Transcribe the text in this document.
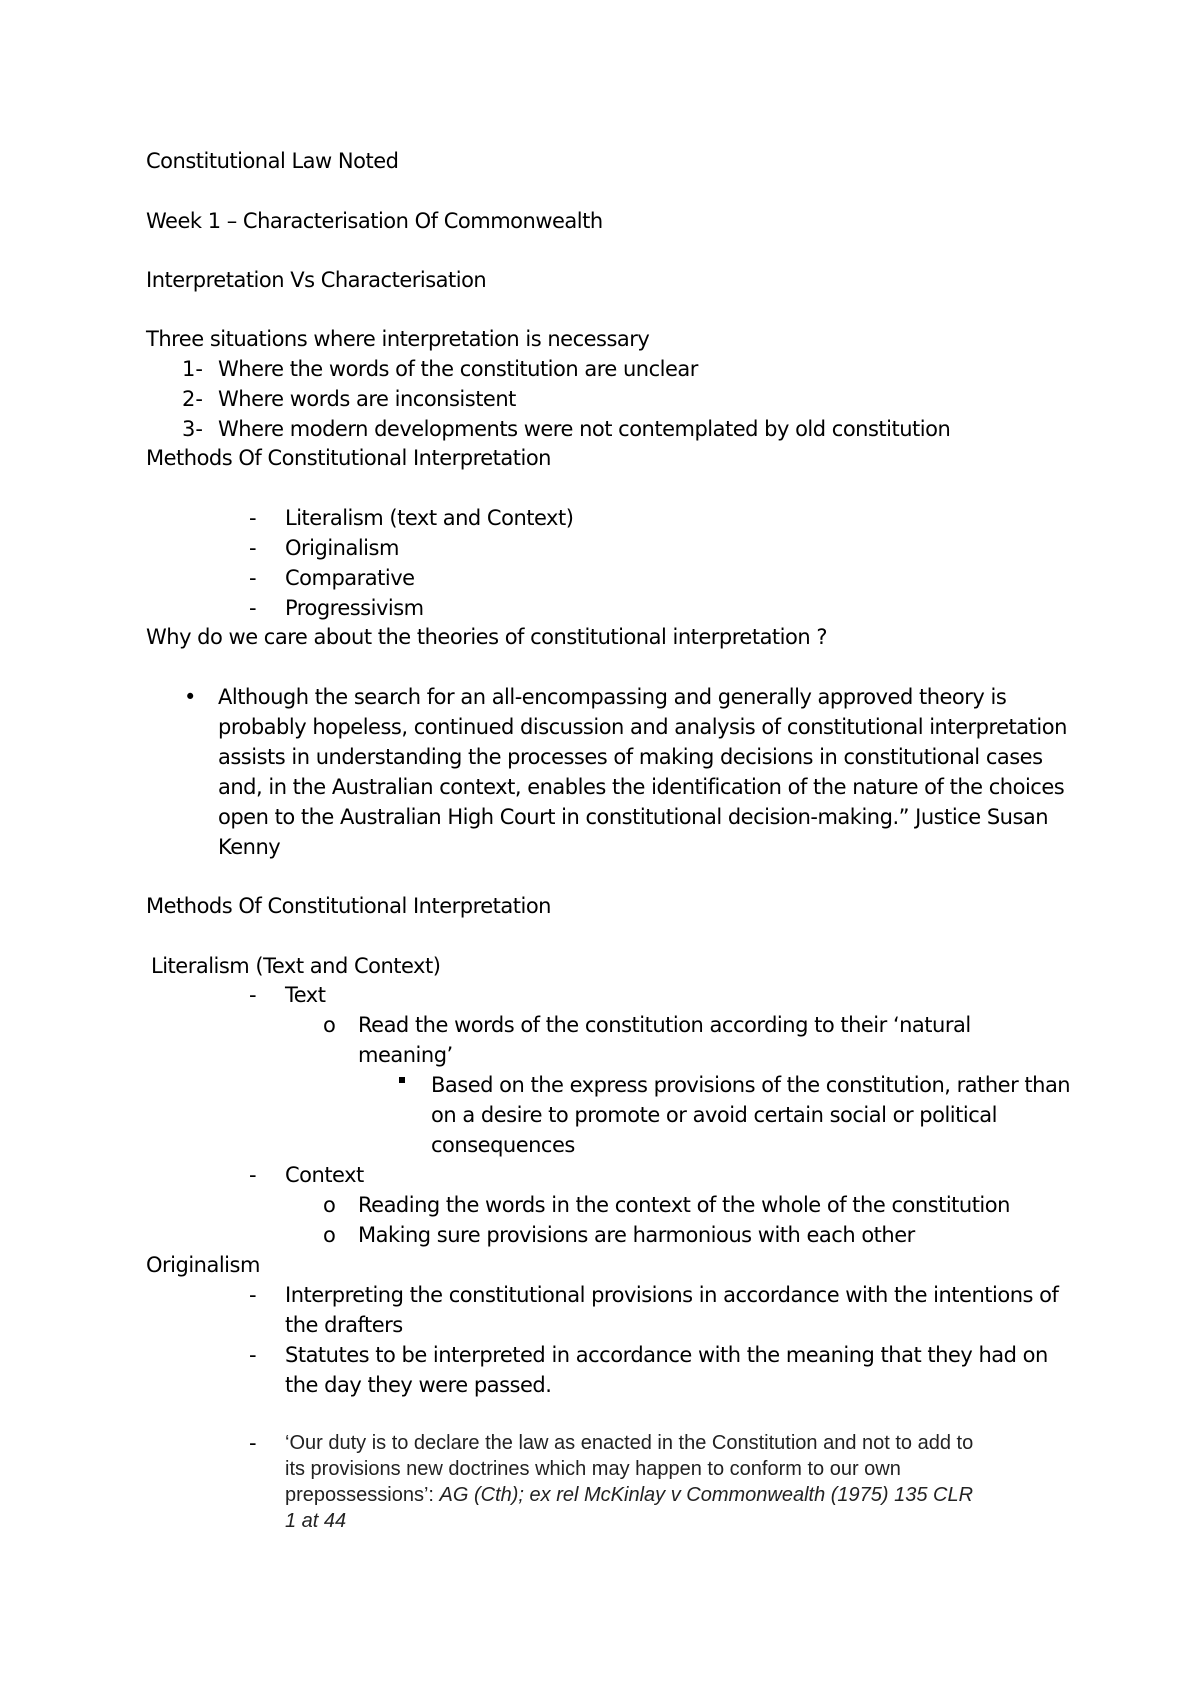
Constitutional Law Noted
Week 1 – Characterisation Of Commonwealth
Interpretation Vs Characterisation
Three situations where interpretation is necessary
1- Where the words of the constitution are unclear
2- Where words are inconsistent
3- Where modern developments were not contemplated by old constitution
Methods Of Constitutional Interpretation
- Literalism (text and Context)
- Originalism
- Comparative
- Progressivism
Why do we care about the theories of constitutional interpretation ?
• Although the search for an all-encompassing and generally approved theory is
probably hopeless, continued discussion and analysis of constitutional interpretation
assists in understanding the processes of making decisions in constitutional cases
and, in the Australian context, enables the identification of the nature of the choices
open to the Australian High Court in constitutional decision-making.” Justice Susan
Kenny
Methods Of Constitutional Interpretation
Literalism (Text and Context)
- Text
o Read the words of the constitution according to their ‘natural
meaning’
Based on the express provisions of the constitution, rather than
on a desire to promote or avoid certain social or political
consequences
- Context
o Reading the words in the context of the whole of the constitution
o Making sure provisions are harmonious with each other
Originalism
- Interpreting the constitutional provisions in accordance with the intentions of
the drafters
- Statutes to be interpreted in accordance with the meaning that they had on
the day they were passed.
- ‘Our duty is to declare the law as enacted in the Constitution and not to add to
its provisions new doctrines which may happen to conform to our own
prepossessions’: AG (Cth); ex rel McKinlay v Commonwealth (1975) 135 CLR
1 at 44
